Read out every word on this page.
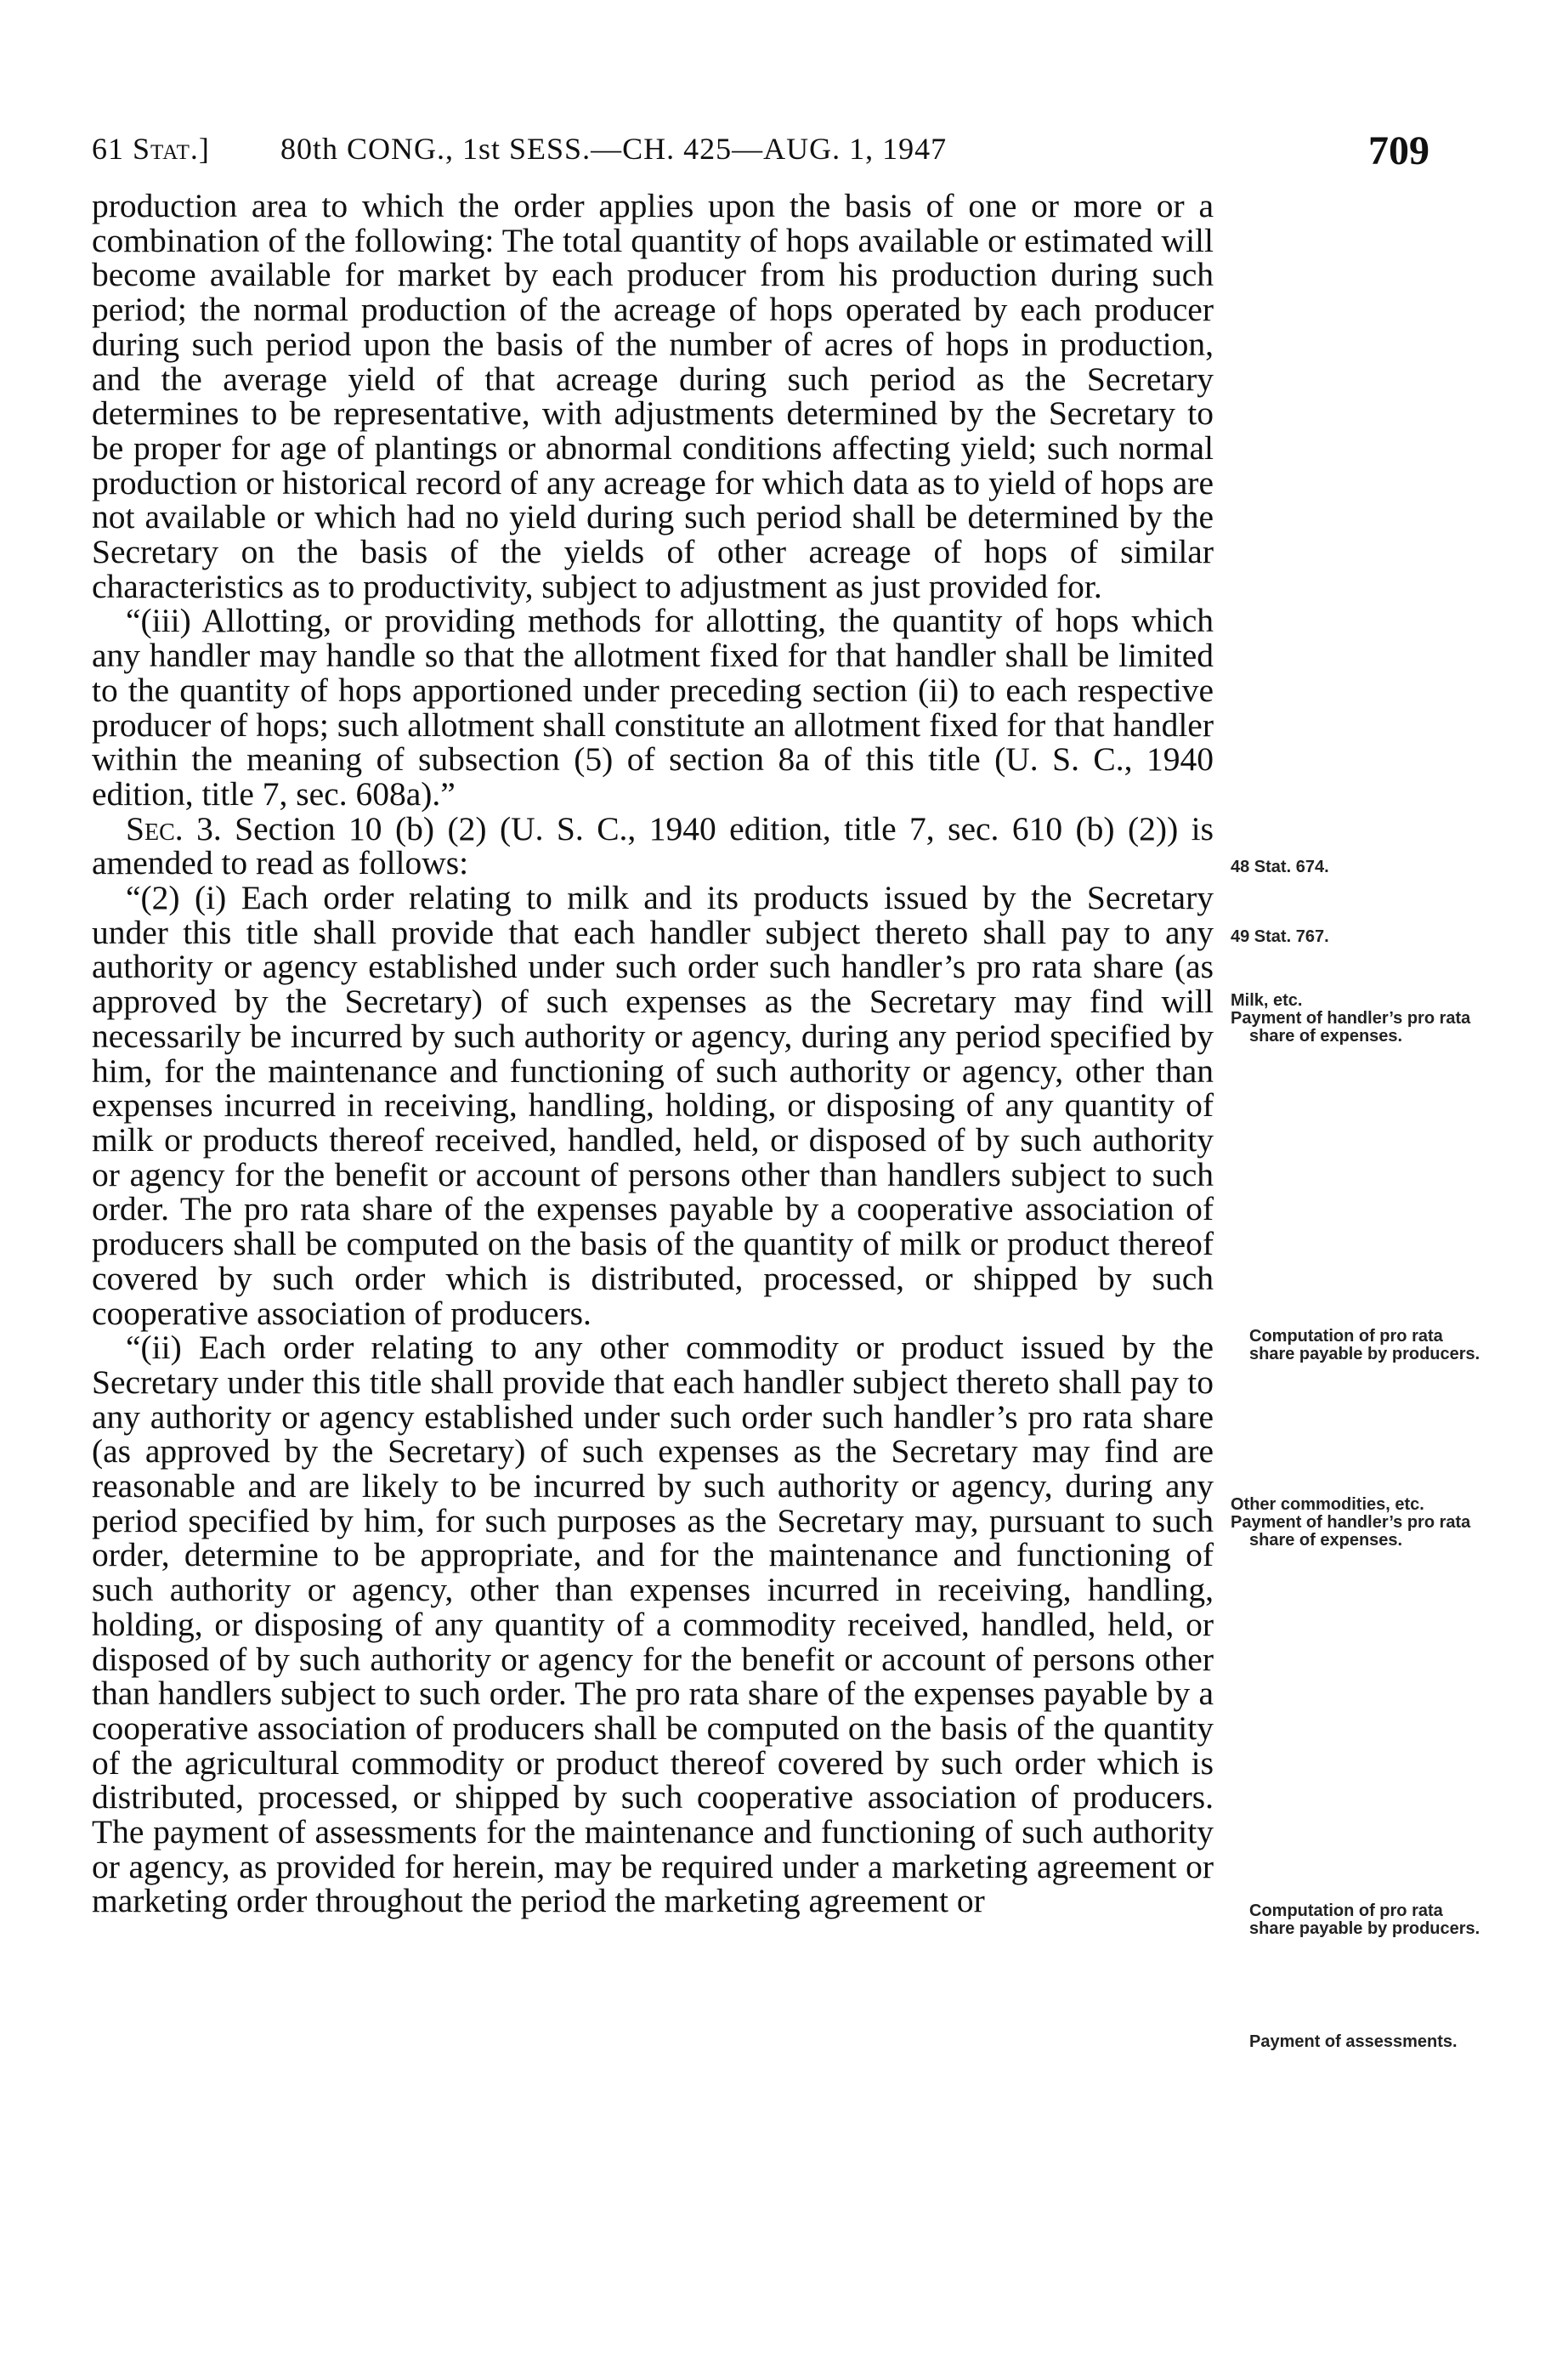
61 Stat.] 80th CONG., 1st SESS.—CH. 425—AUG. 1, 1947	709

production area to which the order applies upon the basis of one or more or a combination of the following: The total quantity of hops available or estimated will become available for market by each producer from his production during such period; the normal production of the acreage of hops operated by each producer during such period upon the basis of the number of acres of hops in production, and the average yield of that acreage during such period as the Secretary determines to be representative, with adjustments determined by the Secretary to be proper for age of plantings or abnormal conditions affecting yield; such normal production or historical record of any acreage for which data as to yield of hops are not available or which had no yield during such period shall be determined by the Secretary on the basis of the yields of other acreage of hops of similar characteristics as to productivity, subject to adjustment as just provided for.

“(iii) Allotting, or providing methods for allotting, the quantity of hops which any handler may handle so that the allotment fixed for that handler shall be limited to the quantity of hops apportioned under preceding section (ii) to each respective producer of hops; such allotment shall constitute an allotment fixed for that handler within the meaning of subsection (5) of section 8a of this title (U. S. C., 1940 edition, title 7, sec. 608a).”

Sec. 3. Section 10 (b) (2) (U. S. C., 1940 edition, title 7, sec. 610 (b) (2)) is amended to read as follows:

“(2) (i) Each order relating to milk and its products issued by the Secretary under this title shall provide that each handler subject thereto shall pay to any authority or agency established under such order such handler’s pro rata share (as approved by the Secretary) of such expenses as the Secretary may find will necessarily be incurred by such authority or agency, during any period specified by him, for the maintenance and functioning of such authority or agency, other than expenses incurred in receiving, handling, holding, or disposing of any quantity of milk or products thereof received, handled, held, or disposed of by such authority or agency for the benefit or account of persons other than handlers subject to such order. The pro rata share of the expenses payable by a cooperative association of producers shall be computed on the basis of the quantity of milk or product thereof covered by such order which is distributed, processed, or shipped by such cooperative association of producers.

“(ii) Each order relating to any other commodity or product issued by the Secretary under this title shall provide that each handler subject thereto shall pay to any authority or agency established under such order such handler’s pro rata share (as approved by the Secretary) of such expenses as the Secretary may find are reasonable and are likely to be incurred by such authority or agency, during any period specified by him, for such purposes as the Secretary may, pursuant to such order, determine to be appropriate, and for the maintenance and functioning of such authority or agency, other than expenses incurred in receiving, handling, holding, or disposing of any quantity of a commodity received, handled, held, or disposed of by such authority or agency for the benefit or account of persons other than handlers subject to such order. The pro rata share of the expenses payable by a cooperative association of producers shall be computed on the basis of the quantity of the agricultural commodity or product thereof covered by such order which is distributed, processed, or shipped by such cooperative association of producers. The payment of assessments for the maintenance and functioning of such authority or agency, as provided for herein, may be required under a marketing agreement or marketing order throughout the period the marketing agreement or

48 Stat. 674.
49 Stat. 767.
Milk, etc.
Payment of handler’s pro rata share of expenses.
Computation of pro rata share payable by producers.
Other commodities, etc.
Payment of handler’s pro rata share of expenses.
Computation of pro rata share payable by producers.
Payment of assessments.
